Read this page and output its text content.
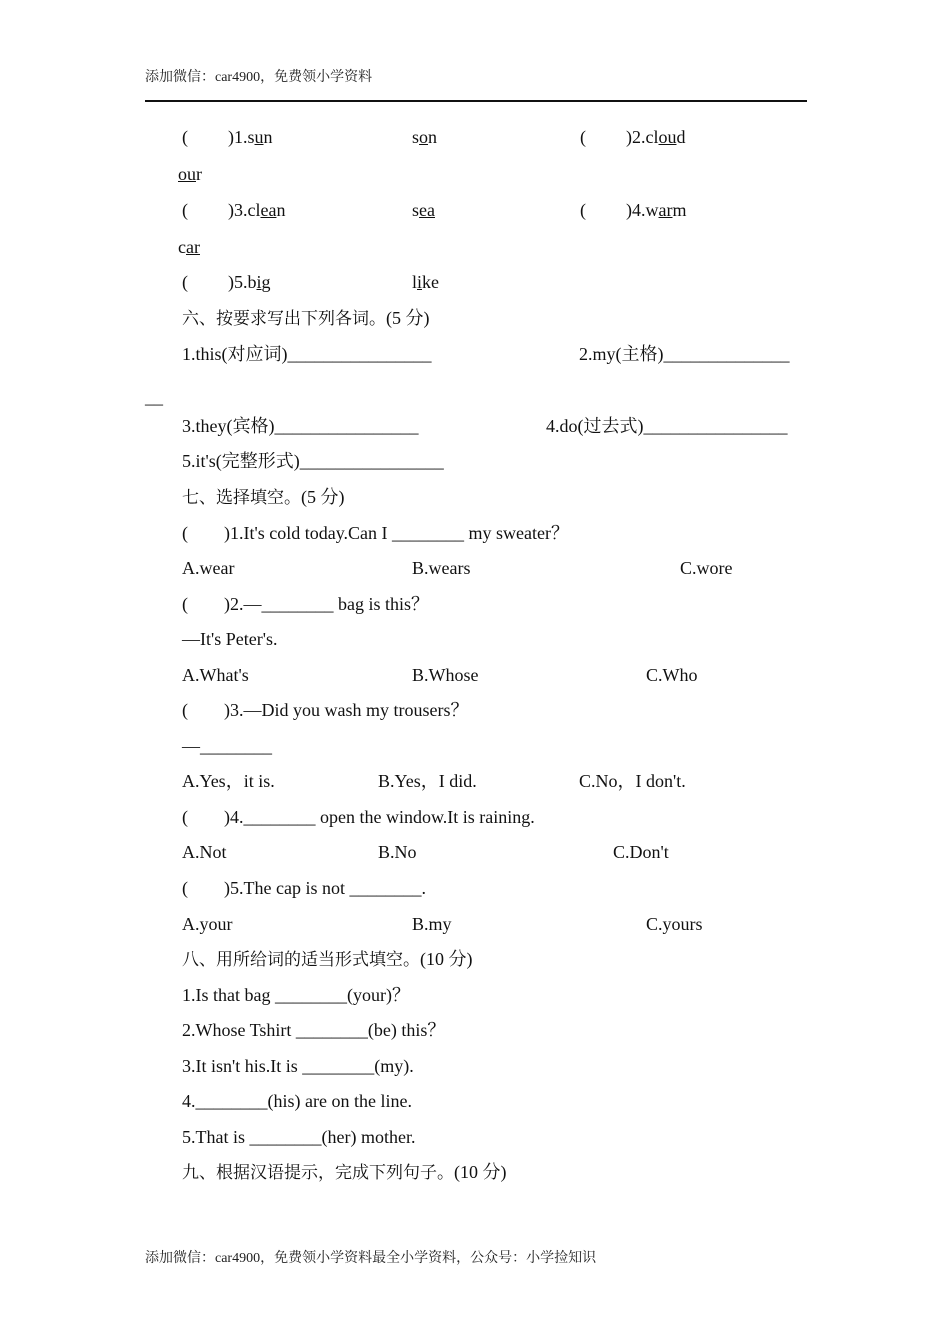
添加微信：car4900，免费领小学资料
( )1.sun	son	( )2.cloud
our
( )3.clean	sea	( )4.warm
car
( )5.big	like
六、按要求写出下列各词。(5 分)
1.this(对应词)________________	2.my(主格)______________
__
3.they(宾格)________________	4.do(过去式)________________
5.it's(完整形式)________________
七、选择填空。(5 分)
(        )1.It's cold today.Can I ________ my sweater？
A.wear	B.wears	C.wore
(        )2.—________ bag is this？
—It's Peter's.
A.What's	B.Whose	C.Who
(        )3.—Did you wash my trousers？
—________
A.Yes，it is.	B.Yes，I did.	C.No，I don't.
(        )4.________ open the window.It is raining.
A.Not	B.No	C.Don't
(        )5.The cap is not ________.
A.your	B.my	C.yours
八、用所给词的适当形式填空。(10 分)
1.Is that bag ________(your)？
2.Whose Tshirt ________(be) this？
3.It isn't his.It is ________(my).
4.________(his) are on the line.
5.That is ________(her) mother.
九、根据汉语提示，完成下列句子。(10 分)
添加微信：car4900，免费领小学资料最全小学资料，公众号：小学捡知识
